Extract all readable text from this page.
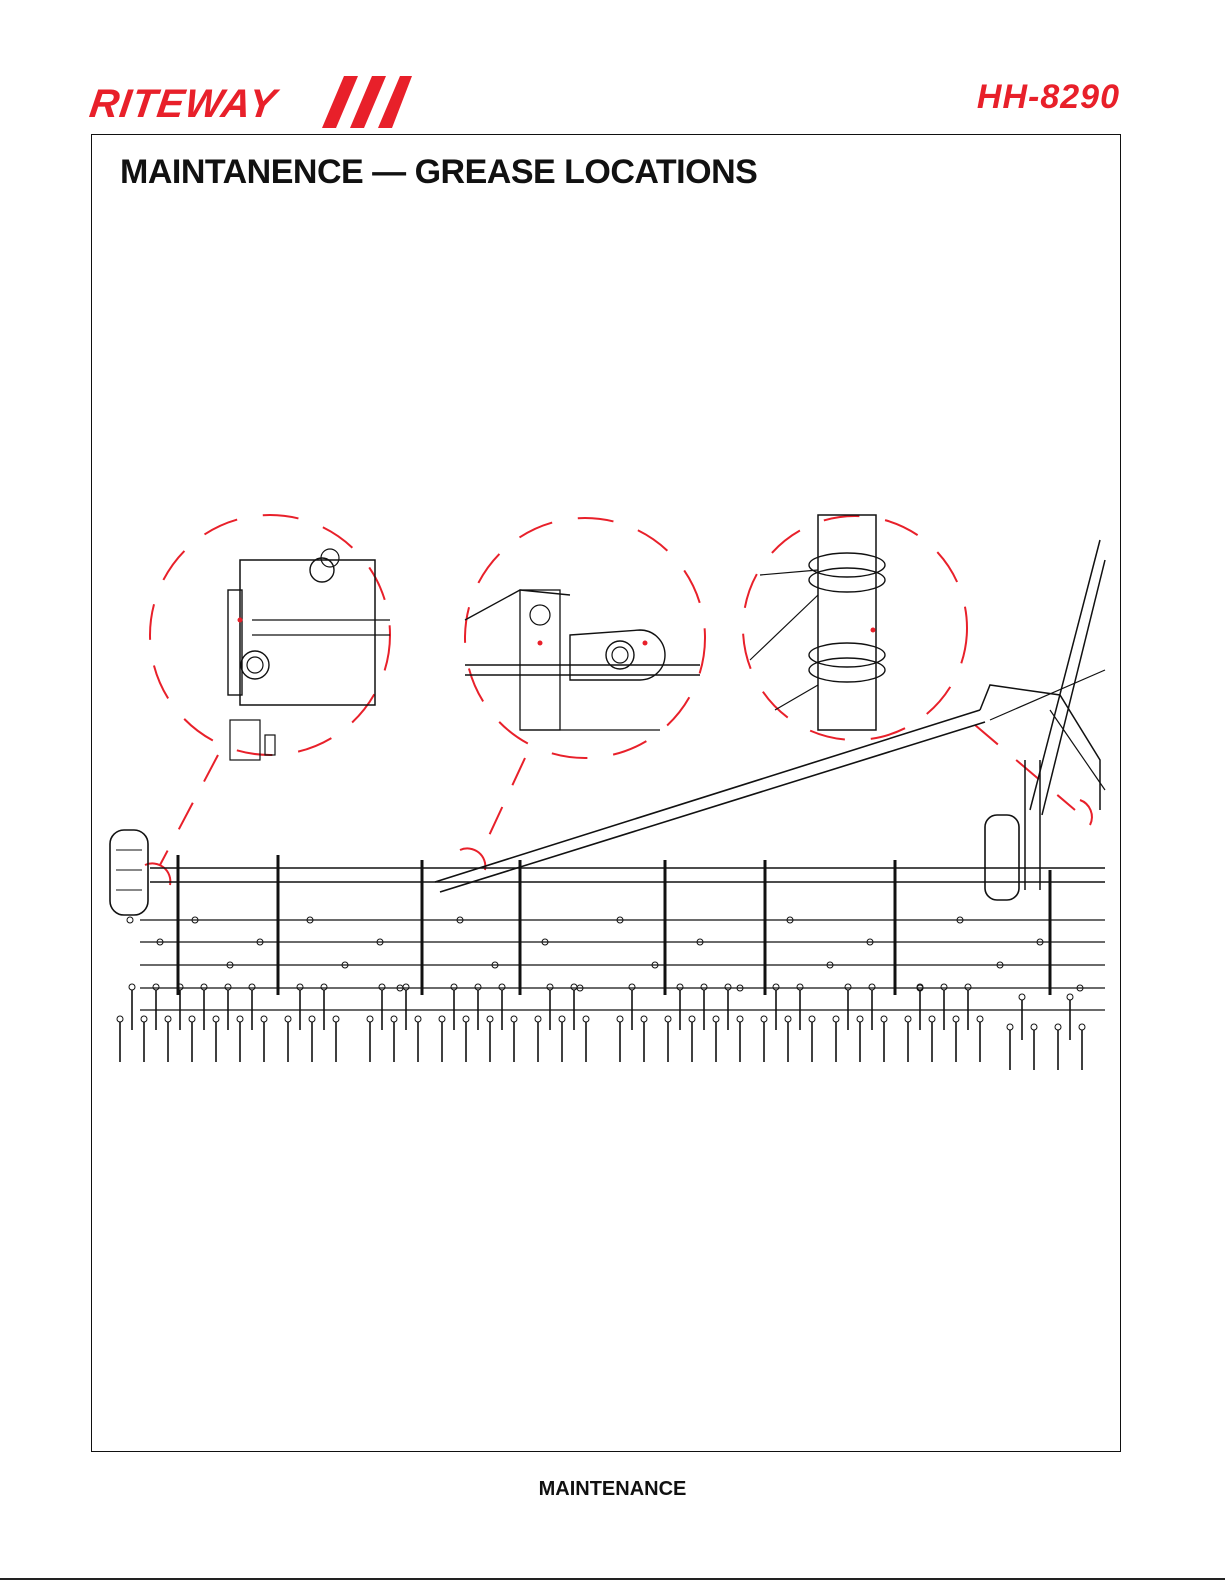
RITEWAY	HH-8290
MAINTANENCE — GREASE LOCATIONS
MAINTENANCE
